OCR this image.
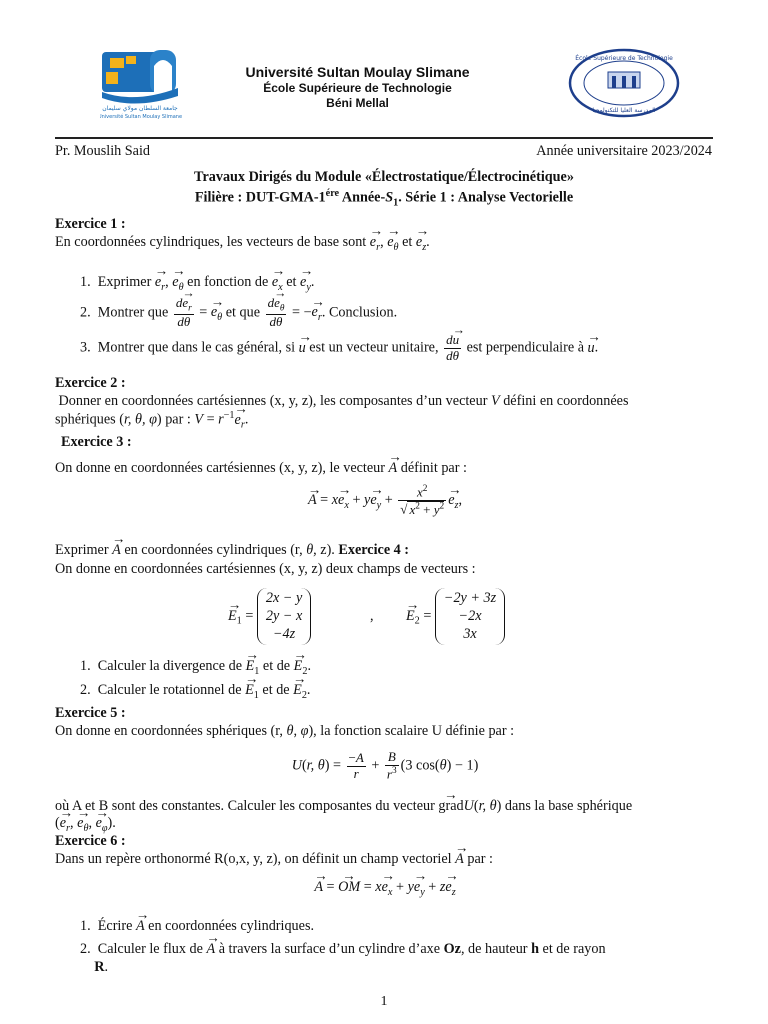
جامعة السلطان مولاي سليمان
Université Sultan Moulay Slimane
Université Sultan Moulay Slimane
École Supérieure de Technologie
Béni Mellal
École Supérieure de Technologie
المدرسة العليا للتكنولوجيا
Pr. Mouslih Said	Année universitaire 2023/2024
Travaux Dirigés du Module «Électrostatique/Électrocinétique»
Filière : DUT-$GMA-1^{ére}$ Année-$S_1$. Série 1 : Analyse Vectorielle
Exercice 1 :
En coordonnées cylindriques, les vecteurs de base sont → $e_r$, → $e_\theta$ et → $e_z$.
1.  Exprimer → $e_r$, → $e_\theta$ en fonction de → $e_x$ et → $e_y$.
2.  Montrer que $\frac{d\to e_r}{d\theta}$ = → $e_\theta$ et que $\frac{d\to e_\theta}{d\theta}$ = −→ $e_r$. Conclusion.
3.  Montrer que dans le cas général, si → u est un vecteur unitaire, $\frac{d\to u}{d\theta}$ est perpendiculaire à → u.
Exercice 2 :
Donner en coordonnées cartésiennes (x, y, z), les composantes d’un vecteur V défini en coordonnées
sphériques (r, θ, φ) par : $V = r^{-1}\to e_r$.
Exercice 3 :
On donne en coordonnées cartésiennes (x, y, z), le vecteur → A définit par :
→ $A = x\to e_x + y\to e_y + \frac{x^2}{√ x^2 + y^2}$
→ $e_z$,
Exprimer → A en coordonnées cylindriques (r, θ, z). Exercice 4 :
On donne en coordonnées cartésiennes (x, y, z) deux champs de vecteurs :
→ $E_1$ =
2x − y
2y − x
−4z
,
→ $E_2$ =
−2y + 3z
−2x
3x
1.  Calculer la divergence de → $E_1$ et de → $E_2$.
2.  Calculer le rotationnel de → $E_1$ et de → $E_2$.
Exercice 5 :
On donne en coordonnées sphériques (r, θ, φ), la fonction scalaire U définie par :
U(r, $\theta) = \frac{-A}{r} + \frac{B}{r^3} (3$ cos(θ) − 1)
où A et B sont des constantes. Calculer les composantes du vecteur → gradU(r, θ) dans la base sphérique
(→ $e_r$, → $e_\theta$, → $e_\varphi$).
Exercice 6 :
Dans un repère orthonormé R(o,x, y, z), on définit un champ vectoriel → A par :
→ A = → OM = $x\to e_x + y\to e_y + z\to e_z$
1.  Écrire → A en coordonnées cylindriques.
2.  Calculer le flux de → A à travers la surface d’un cylindre d’axe Oz, de hauteur h et de rayon
R.
1
